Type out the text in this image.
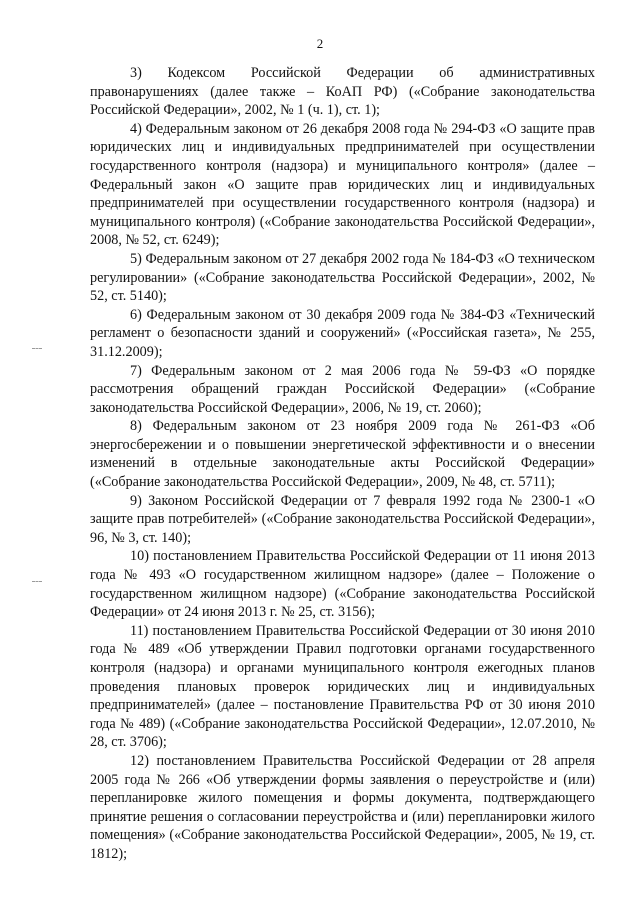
2

3) Кодексом Российской Федерации об административных правонарушениях (далее также – КоАП РФ) («Собрание законодательства Российской Федерации», 2002, № 1 (ч. 1), ст. 1);

4) Федеральным законом от 26 декабря 2008 года № 294-ФЗ «О защите прав юридических лиц и индивидуальных предпринимателей при осуществлении государственного контроля (надзора) и муниципального контроля» (далее – Федеральный закон «О защите прав юридических лиц и индивидуальных предпринимателей при осуществлении государственного контроля (надзора) и муниципального контроля) («Собрание законодательства Российской Федерации», 2008, № 52, ст. 6249);

5) Федеральным законом от 27 декабря 2002 года № 184-ФЗ «О техническом регулировании» («Собрание законодательства Российской Федерации», 2002, № 52, ст. 5140);

6) Федеральным законом от 30 декабря 2009 года № 384-ФЗ «Технический регламент о безопасности зданий и сооружений» («Российская газета», № 255, 31.12.2009);

7) Федеральным законом от 2 мая 2006 года № 59-ФЗ «О порядке рассмотрения обращений граждан Российской Федерации» («Собрание законодательства Российской Федерации», 2006, № 19, ст. 2060);

8) Федеральным законом от 23 ноября 2009 года № 261-ФЗ «Об энергосбережении и о повышении энергетической эффективности и о внесении изменений в отдельные законодательные акты Российской Федерации» («Собрание законодательства Российской Федерации», 2009, № 48, ст. 5711);

9) Законом Российской Федерации от 7 февраля 1992 года № 2300-1 «О защите прав потребителей» («Собрание законодательства Российской Федерации», 96, № 3, ст. 140);

10) постановлением Правительства Российской Федерации от 11 июня 2013 года № 493 «О государственном жилищном надзоре» (далее – Положение о государственном жилищном надзоре) («Собрание законодательства Российской Федерации» от 24 июня 2013 г. № 25, ст. 3156);

11) постановлением Правительства Российской Федерации от 30 июня 2010 года № 489 «Об утверждении Правил подготовки органами государственного контроля (надзора) и органами муниципального контроля ежегодных планов проведения плановых проверок юридических лиц и индивидуальных предпринимателей» (далее – постановление Правительства РФ от 30 июня 2010 года № 489) («Собрание законодательства Российской Федерации», 12.07.2010, № 28, ст. 3706);

12) постановлением Правительства Российской Федерации от 28 апреля 2005 года № 266 «Об утверждении формы заявления о переустройстве и (или) перепланировке жилого помещения и формы документа, подтверждающего принятие решения о согласовании переустройства и (или) перепланировки жилого помещения» («Собрание законодательства Российской Федерации», 2005, № 19, ст. 1812);
